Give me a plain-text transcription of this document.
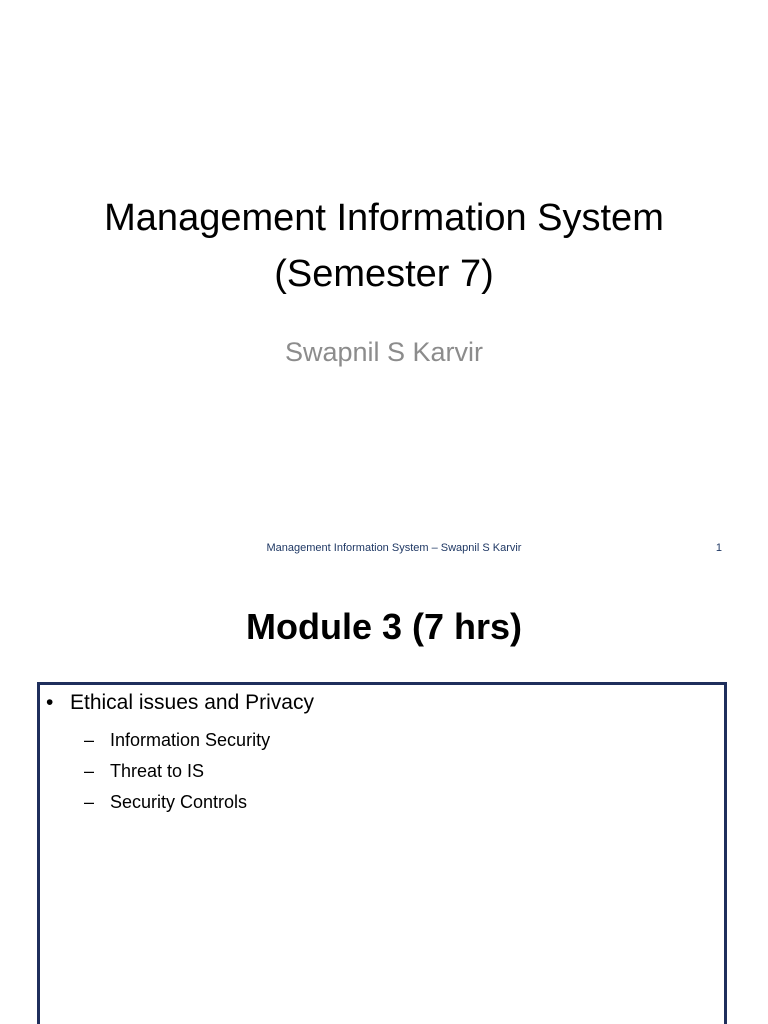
Management Information System
(Semester 7)
Swapnil S Karvir
Management Information System – Swapnil S Karvir	1
Module 3 (7 hrs)
• Ethical issues and Privacy
– Information Security
– Threat to IS
– Security Controls
